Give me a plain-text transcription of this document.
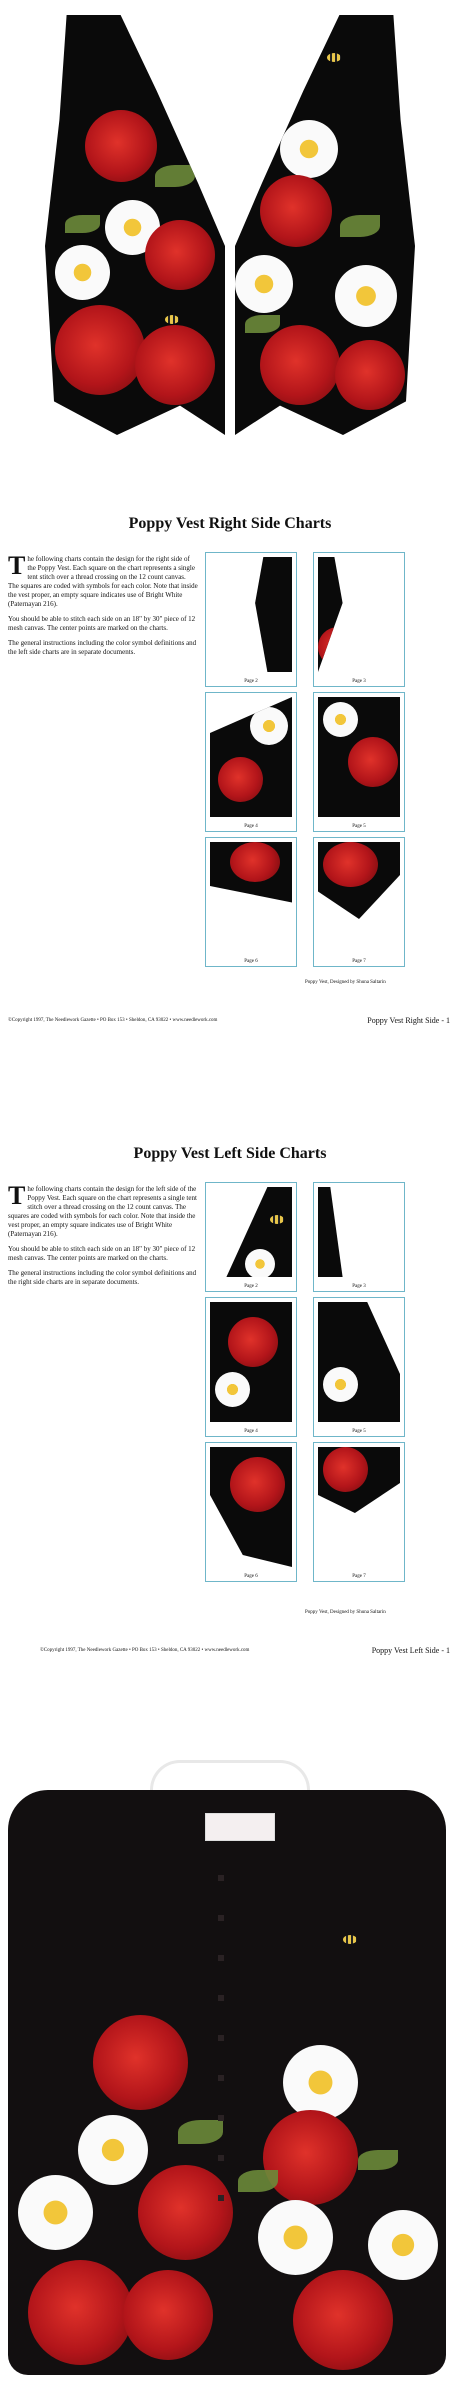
Poppy Vest Right Side Charts

The following charts contain the design for the right side of the Poppy Vest. Each square on the chart represents a single tent stitch over a thread crossing on the 12 count canvas. The squares are coded with symbols for each color. Note that inside the vest proper, an empty square indicates use of Bright White (Paternayan 216).

You should be able to stitch each side on an 18" by 30" piece of 12 mesh canvas. The center points are marked on the charts.

The general instructions including the color symbol definitions and the left side charts are in separate documents.

Page 2	Page 3
Page 4	Page 5
Page 6	Page 7
Poppy Vest, Designed by Shuna Saltarin
©Copyright 1997, The Needlework Gazette • PO Box 153 • Sheldon, CA 93022 • www.needlework.com	Poppy Vest Right Side - 1
Poppy Vest Left Side Charts

The following charts contain the design for the left side of the Poppy Vest. Each square on the chart represents a single tent stitch over a thread crossing on the 12 count canvas. The squares are coded with symbols for each color. Note that inside the vest proper, an empty square indicates use of Bright White (Paternayan 216).

You should be able to stitch each side on an 18" by 30" piece of 12 mesh canvas. The center points are marked on the charts.

The general instructions including the color symbol definitions and the right side charts are in separate documents.

Page 2	Page 3
Page 4	Page 5
Page 6	Page 7
Poppy Vest, Designed by Shuna Saltarin
©Copyright 1997, The Needlework Gazette • PO Box 153 • Sheldon, CA 93022 • www.needlework.com	Poppy Vest Left Side - 1
